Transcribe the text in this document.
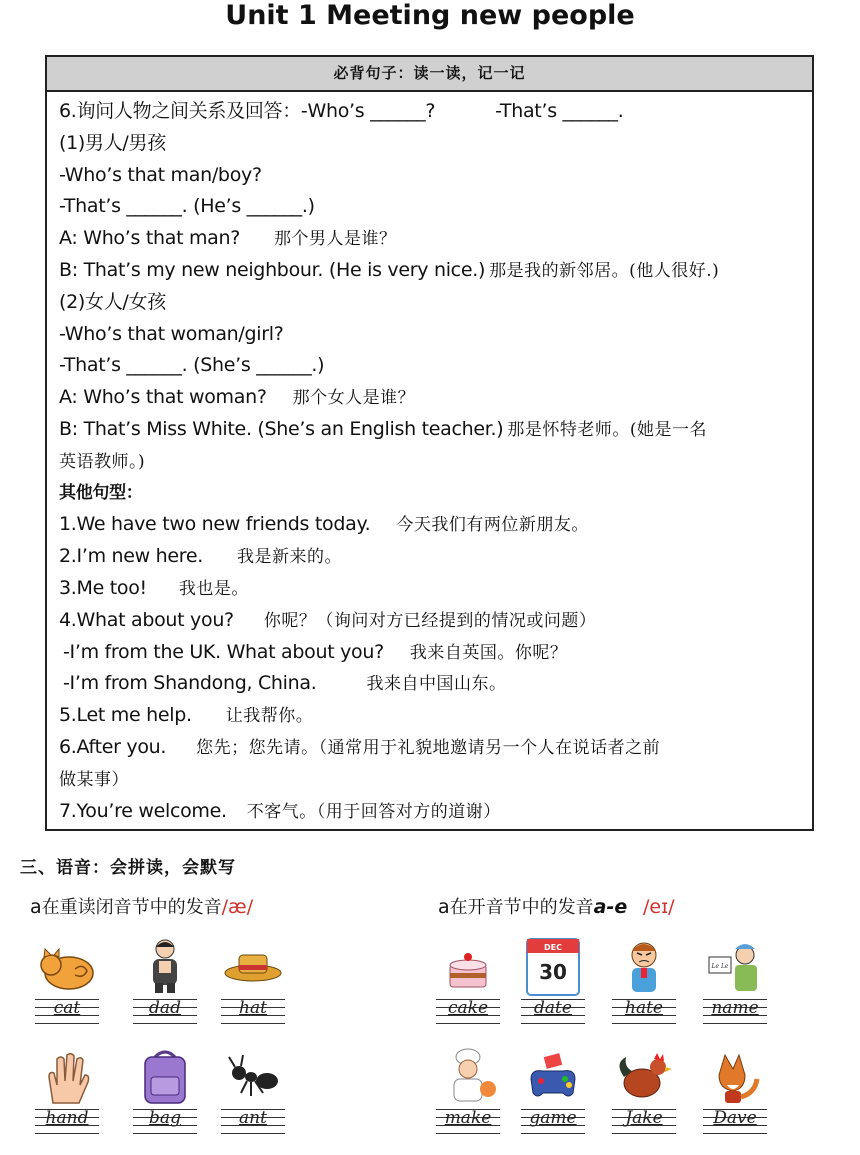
Unit 1 Meeting new people
必背句子：读一读，记一记
6.询问人物之间关系及回答：-Who’s ______?	-That’s ______.
(1)男人/男孩
-Who’s that man/boy?
-That’s ______. (He’s ______.)
A: Who’s that man? 那个男人是谁？
B: That’s my new neighbour. (He is very nice.) 那是我的新邻居。(他人很好.)
(2)女人/女孩
-Who’s that woman/girl?
-That’s ______. (She’s ______.)
A: Who’s that woman? 那个女人是谁？
B: That’s Miss White. (She’s an English teacher.) 那是怀特老师。(她是一名
英语教师。)
其他句型：
1.We have two new friends today. 今天我们有两位新朋友。
2.I’m new here. 我是新来的。
3.Me too! 我也是。
4.What about you? 你呢？（询问对方已经提到的情况或问题）
-I’m from the UK. What about you? 我来自英国。你呢？
-I’m from Shandong, China.	我来自中国山东。
5.Let me help. 让我帮你。
6.After you. 您先；您先请。（通常用于礼貌地邀请另一个人在说话者之前
做某事）
7.You’re welcome. 不客气。（用于回答对方的道谢）
三、语音：会拼读，会默写
a在重读闭音节中的发音/æ/	a在开音节中的发音a-e /eɪ/
cat	dad	hat	cake
DEC
30
date	hate
Le Le
name
hand	bag	ant	make	game	Jake	Dave
